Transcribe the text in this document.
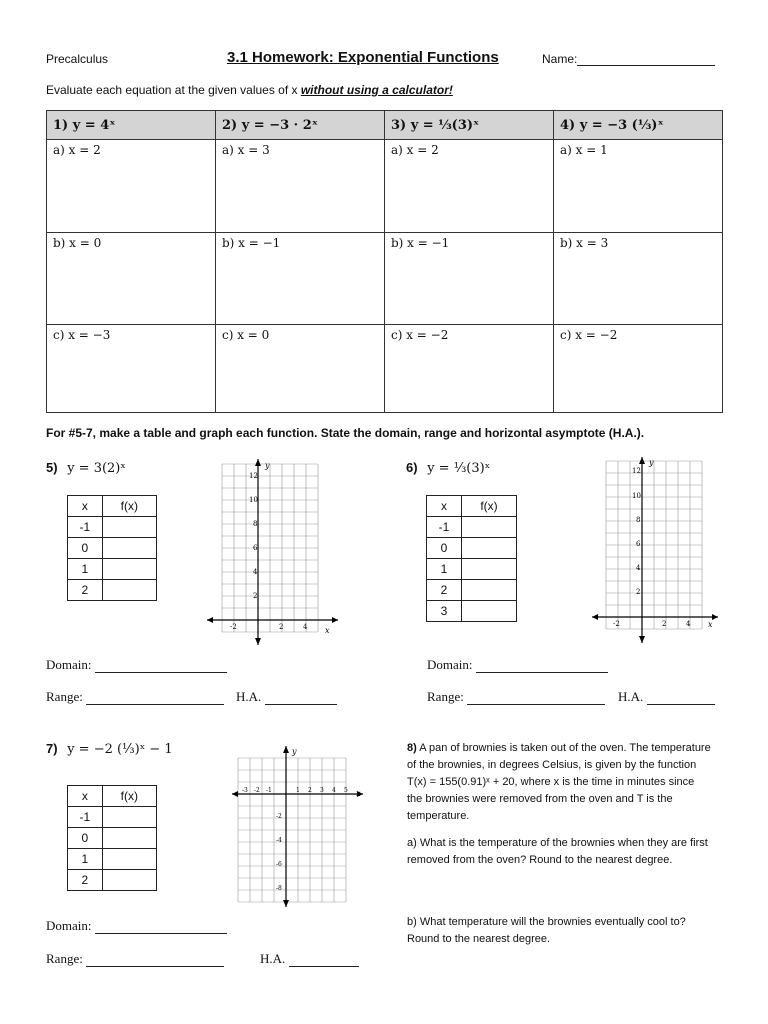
Precalculus	3.1 Homework: Exponential Functions	Name:
Evaluate each equation at the given values of x without using a calculator!
1) y = 4ˣ	2) y = −3 · 2ˣ	3) y = ⅓(3)ˣ	4) y = −3 (⅓)ˣ
a) x = 2	a) x = 3	a) x = 2	a) x = 1
b) x = 0	b) x = −1	b) x = −1	b) x = 3
c) x = −3	c) x = 0	c) x = −2	c) x = −2
For #5-7, make a table and graph each function. State the domain, range and horizontal asymptote (H.A.).
5) y = 3(2)ˣ
x	f(x)
-1	
0	
1	
2	
y
x
12
10
8
6
4
2
-2	2	4
Domain:
Range:	H.A.
6) y = ⅓(3)ˣ
x	f(x)
-1	
0	
1	
2	
3	
y
x
12
10
8
6
4
2
-2	2	4
Domain:
Range:	H.A.
7) y = −2 (⅓)ˣ − 1
x	f(x)
-1	
0	
1	
2	
y
x
-3 -2 -1	1 2 3 4 5
-2
-4
-6
-8
Domain:
Range:	H.A.
8) A pan of brownies is taken out of the oven. The temperature
of the brownies, in degrees Celsius, is given by the function
T(x) = 155(0.91)ˣ + 20, where x is the time in minutes since
the brownies were removed from the oven and T is the
temperature.
a) What is the temperature of the brownies when they are first
removed from the oven? Round to the nearest degree.
b) What temperature will the brownies eventually cool to?
Round to the nearest degree.
